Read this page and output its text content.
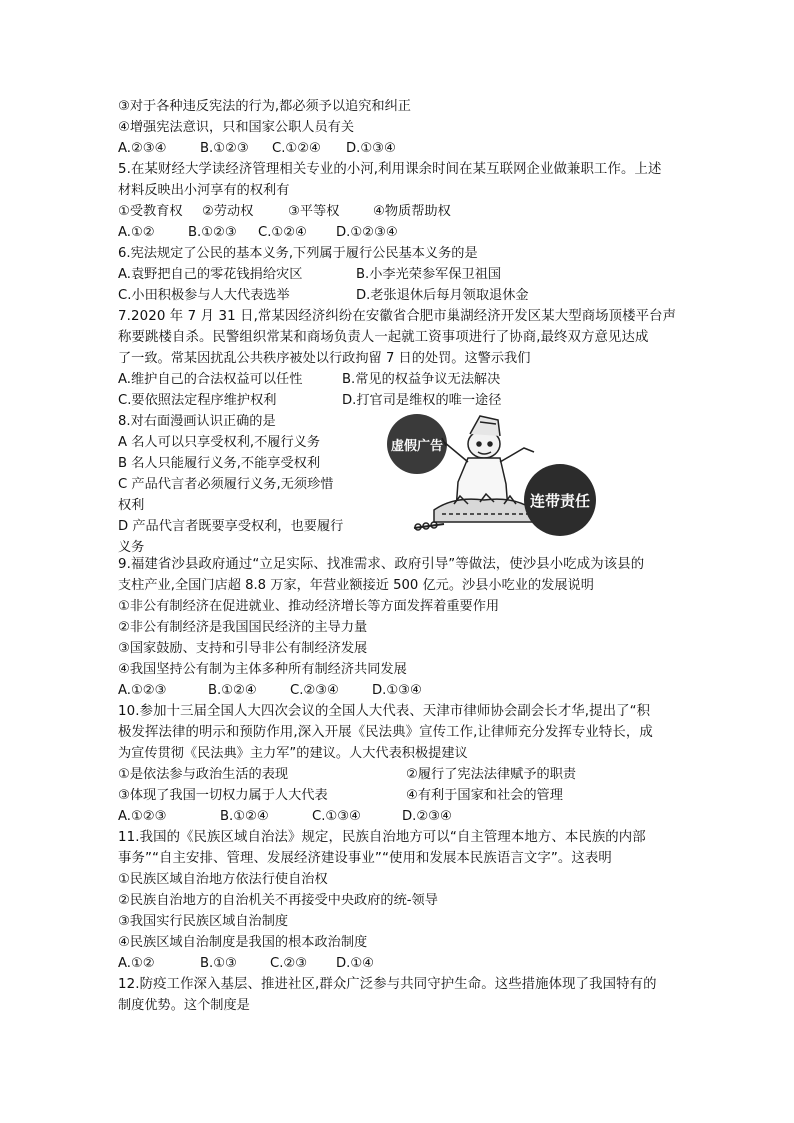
③对于各种违反宪法的行为,都必须予以追究和纠正
④增强宪法意识，只和国家公职人员有关
A.②③④	B.①②③ C.①②④ D.①③④
5.在某财经大学读经济管理相关专业的小河,利用课余时间在某互联网企业做兼职工作。上述
材料反映出小河享有的权利有
①受教育权 ②劳动权	③平等权	④物质帮助权
A.①②	B.①②③ C.①②④ D.①②③④
6.宪法规定了公民的基本义务,下列属于履行公民基本义务的是
A.袁野把自己的零花钱捐给灾区	B.小李光荣参军保卫祖国
C.小田积极参与人大代表选举	D.老张退休后每月领取退休金
7.2020 年 7 月 31 日,常某因经济纠纷在安徽省合肥市巢湖经济开发区某大型商场顶楼平台声
称要跳楼自杀。民警组织常某和商场负责人一起就工资事项进行了协商,最终双方意见达成
了一致。常某因扰乱公共秩序被处以行政拘留 7 日的处罚。这警示我们
A.维护自己的合法权益可以任性	B.常见的权益争议无法解决
C.要依照法定程序维护权利	D.打官司是维权的唯一途径
8.对右面漫画认识正确的是
A 名人可以只享受权利,不履行义务
B 名人只能履行义务,不能享受权利
C 产品代言者必须履行义务,无须珍惜
权利
D 产品代言者既要享受权利，也要履行
义务
虚假广告
连带责任
9.福建省沙县政府通过“立足实际、找准需求、政府引导”等做法，使沙县小吃成为该县的
支柱产业,全国门店超 8.8 万家，年营业额接近 500 亿元。沙县小吃业的发展说明
①非公有制经济在促进就业、推动经济增长等方面发挥着重要作用
②非公有制经济是我国国民经济的主导力量
③国家鼓励、支持和引导非公有制经济发展
④我国坚持公有制为主体多种所有制经济共同发展
A.①②③	B.①②④	C.②③④	D.①③④
10.参加十三届全国人大四次会议的全国人大代表、天津市律师协会副会长才华,提出了“积
极发挥法律的明示和预防作用,深入开展《民法典》宣传工作,让律师充分发挥专业特长，成
为宣传贯彻《民法典》主力军”的建议。人大代表积极提建议
①是依法参与政治生活的表现	②履行了宪法法律赋予的职责
③体现了我国一切权力属于人大代表	④有利于国家和社会的管理
A.①②③	B.①②④	C.①③④	D.②③④
11.我国的《民族区域自治法》规定，民族自治地方可以“自主管理本地方、本民族的内部
事务”“自主安排、管理、发展经济建设事业”“使用和发展本民族语言文字”。这表明
①民族区域自治地方依法行使自治权
②民族自治地方的自治机关不再接受中央政府的统-领导
③我国实行民族区域自治制度
④民族区域自治制度是我国的根本政治制度
A.①②	B.①③	C.②③ D.①④
12.防疫工作深入基层、推进社区,群众广泛参与共同守护生命。这些措施体现了我国特有的
制度优势。这个制度是
